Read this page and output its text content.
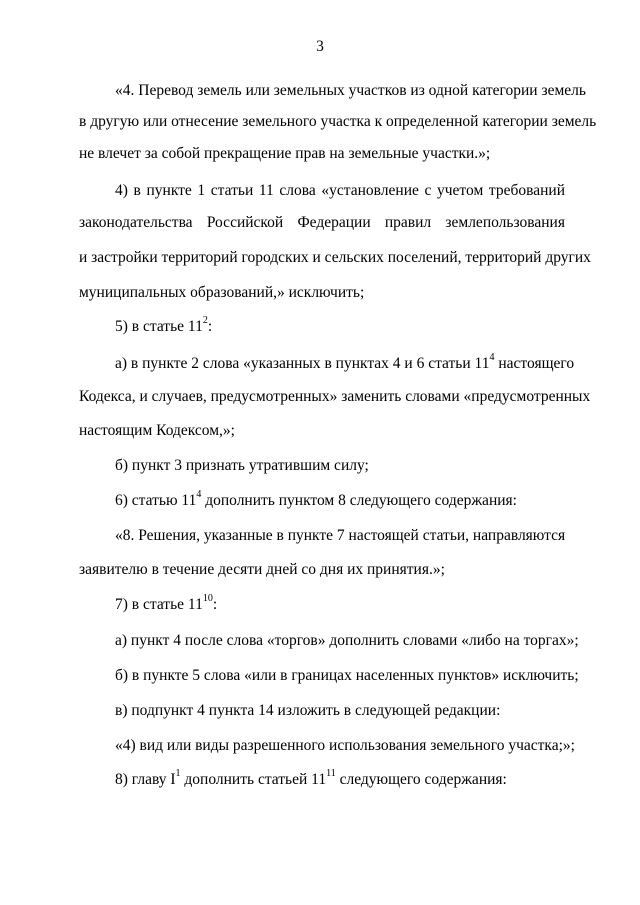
3
«4. Перевод земель или земельных участков из одной категории земель
в другую или отнесение земельного участка к определенной категории земель
не влечет за собой прекращение прав на земельные участки.»;
4) в пункте 1 статьи 11 слова «установление с учетом требований
законодательства Российской Федерации правил землепользования
и застройки территорий городских и сельских поселений, территорий других
муниципальных образований,» исключить;
5) в статье $11^2$:
а) в пункте 2 слова «указанных в пунктах 4 и 6 статьи $11^4$ настоящего
Кодекса, и случаев, предусмотренных» заменить словами «предусмотренных
настоящим Кодексом,»;
б) пункт 3 признать утратившим силу;
6) статью $11^4$ дополнить пунктом 8 следующего содержания:
«8. Решения, указанные в пункте 7 настоящей статьи, направляются
заявителю в течение десяти дней со дня их принятия.»;
7) в статье $11^{10}$:
а) пункт 4 после слова «торгов» дополнить словами «либо на торгах»;
б) в пункте 5 слова «или в границах населенных пунктов» исключить;
в) подпункт 4 пункта 14 изложить в следующей редакции:
«4) вид или виды разрешенного использования земельного участка;»;
8) главу $I^1$ дополнить статьей $11^{11}$ следующего содержания:
